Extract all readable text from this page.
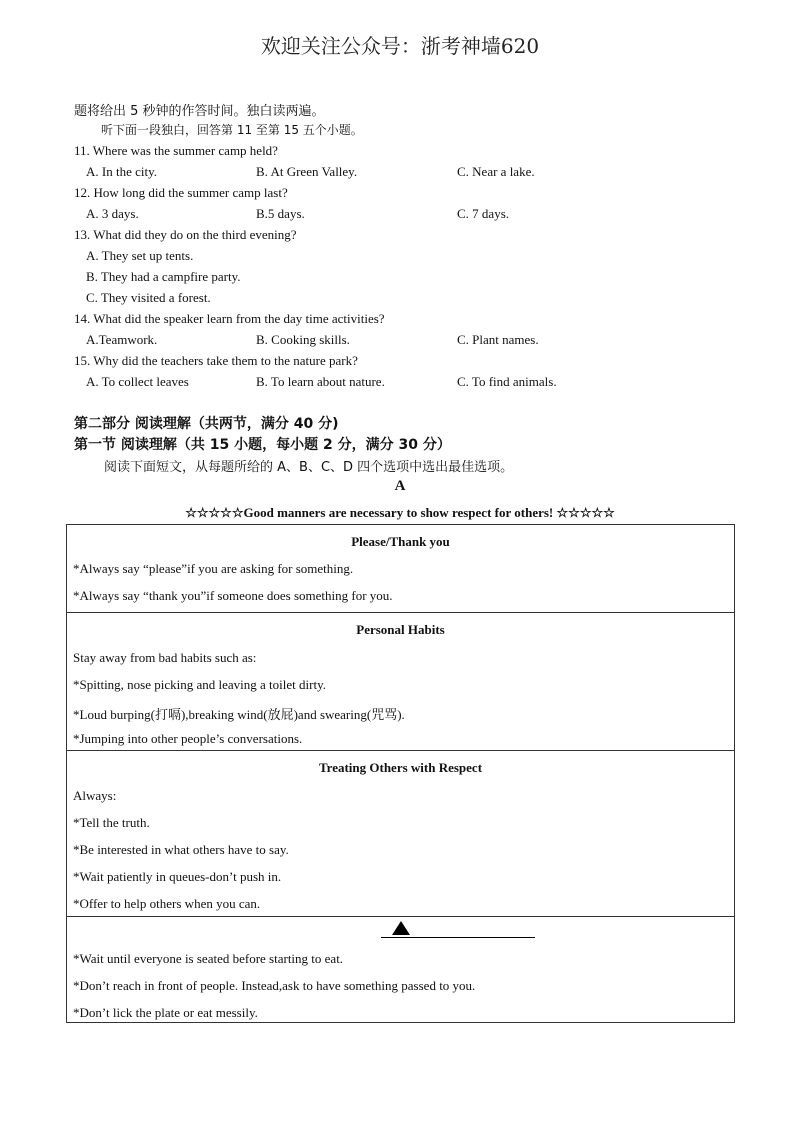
欢迎关注公众号：浙考神墙620
题将给出 5 秒钟的作答时间。独白读两遍。
听下面一段独白，回答第 11 至第 15 五个小题。
11. Where was the summer camp held?
A. In the city.	B. At Green Valley.	C. Near a lake.
12. How long did the summer camp last?
A. 3 days.	B.5 days.	C. 7 days.
13. What did they do on the third evening?
A. They set up tents.
B. They had a campfire party.
C. They visited a forest.
14. What did the speaker learn from the day time activities?
A.Teamwork.	B. Cooking skills.	C. Plant names.
15. Why did the teachers take them to the nature park?
A. To collect leaves	B. To learn about nature.	C. To find animals.
第二部分 阅读理解（共两节，满分 40 分)
第一节 阅读理解（共 15 小题，每小题 2 分，满分 30 分）
阅读下面短文，从每题所给的 A、B、C、D 四个选项中选出最佳选项。
A
☆☆☆☆☆Good manners are necessary to show respect for others! ☆☆☆☆☆
Please/Thank you
*Always say “please”if you are asking for something.
*Always say “thank you”if someone does something for you.
Personal Habits
Stay away from bad habits such as:
*Spitting, nose picking and leaving a toilet dirty.
*Loud burping(打嗝),breaking wind(放屁)and swearing(咒骂).
*Jumping into other people’s conversations.
Treating Others with Respect
Always:
*Tell the truth.
*Be interested in what others have to say.
*Wait patiently in queues-don’t push in.
*Offer to help others when you can.
*Wait until everyone is seated before starting to eat.
*Don’t reach in front of people. Instead,ask to have something passed to you.
*Don’t lick the plate or eat messily.
